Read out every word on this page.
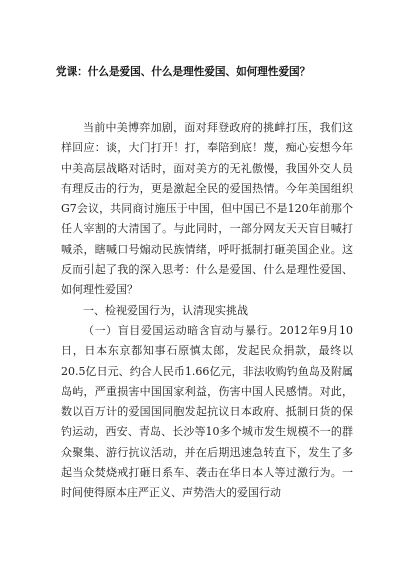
党课：什么是爱国、什么是理性爱国、如何理性爱国？

当前中美博弈加剧，面对拜登政府的挑衅打压，我们这样回应：谈，大门打开！打，奉陪到底！蔑，痴心妄想今年中美高层战略对话时，面对美方的无礼傲慢，我国外交人员有理反击的行为，更是激起全民的爱国热情。今年美国组织G7会议，共同商讨施压于中国，但中国已不是120年前那个任人宰割的大清国了。与此同时，一部分网友天天盲目喊打喊杀，瞎喊口号煽动民族情绪，呼吁抵制打砸美国企业。这反而引起了我的深入思考：什么是爱国、什么是理性爱国、如何理性爱国？

一、检视爱国行为，认清现实挑战

（一）盲目爱国运动暗含盲动与暴行。2012年9月10日，日本东京都知事石原慎太郎，发起民众捐款，最终以20.5亿日元、约合人民币1.66亿元，非法收购钓鱼岛及附属岛屿，严重损害中国国家利益，伤害中国人民感情。对此，数以百万计的爱国国同胞发起抗议日本政府、抵制日货的保钓运动，西安、青岛、长沙等10多个城市发生规模不一的群众聚集、游行抗议活动，并在后期迅速急转直下，发生了多起当众焚烧戒打砸日系车、袭击在华日本人等过激行为。一时间使得原本庄严正义、声势浩大的爱国行动
